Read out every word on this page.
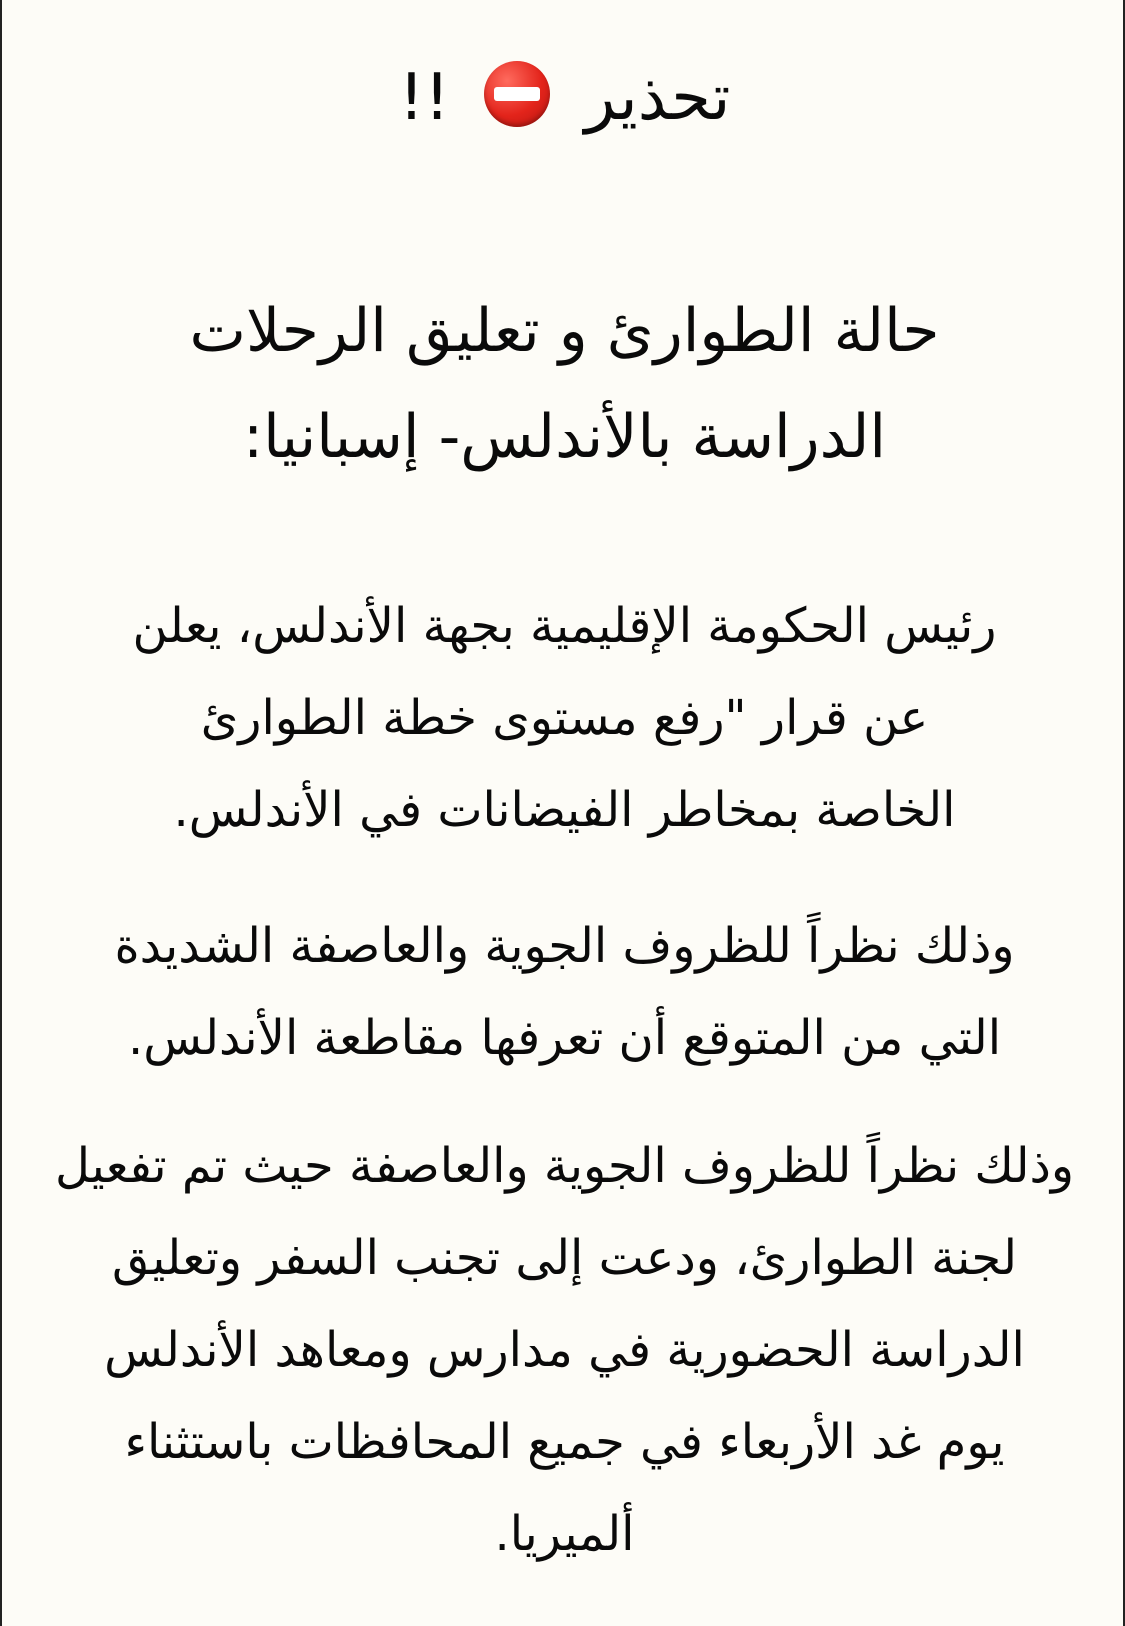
تحذير  !!
حالة الطوارئ و تعليق الرحلات
الدراسة بالأندلس- إسبانيا:
رئيس الحكومة الإقليمية بجهة الأندلس، يعلن
عن قرار "رفع مستوى خطة الطوارئ
الخاصة بمخاطر الفيضانات في الأندلس.
وذلك نظراً للظروف الجوية والعاصفة الشديدة
التي من المتوقع أن تعرفها مقاطعة الأندلس.
وذلك نظراً للظروف الجوية والعاصفة حيث تم تفعيل
لجنة الطوارئ، ودعت إلى تجنب السفر وتعليق
الدراسة الحضورية في مدارس ومعاهد الأندلس
يوم غد الأربعاء في جميع المحافظات باستثناء
ألميريا.
